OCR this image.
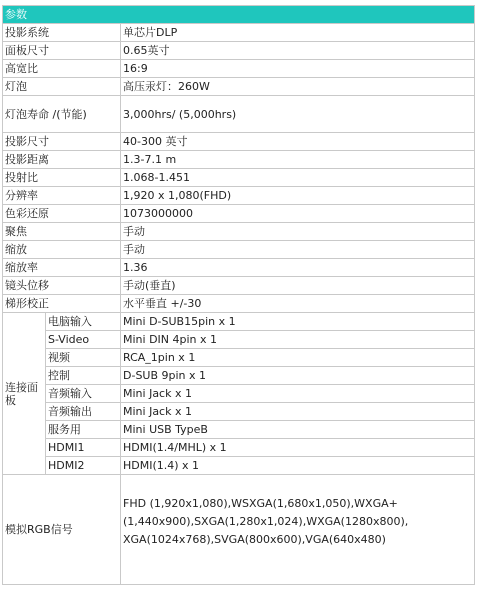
参数		
投影系统		单芯片DLP
面板尺寸		0.65英寸
高宽比		16:9
灯泡		高压汞灯：260W
灯泡寿命 /(节能)		3,000hrs/ (5,000hrs)
投影尺寸		40-300 英寸
投影距离		1.3-7.1 m
投射比		1.068-1.451
分辨率		1,920 x 1,080(FHD)
色彩还原		1073000000
聚焦		手动
缩放		手动
缩放率		1.36
镜头位移		手动(垂直)
梯形校正		水平垂直 +/-30
连接面板	电脑输入	Mini D-SUB15pin x 1
	S-Video	Mini DIN 4pin x 1
	视频	RCA_1pin x 1
	控制	D-SUB 9pin x 1
	音频输入	Mini Jack x 1
	音频输出	Mini Jack x 1
	服务用	Mini USB TypeB
	HDMI1	HDMI(1.4/MHL) x 1
	HDMI2	HDMI(1.4) x 1
模拟RGB信号		FHD (1,920x1,080),WSXGA(1,680x1,050),WXGA+
(1,440x900),SXGA(1,280x1,024),WXGA(1280x800),
XGA(1024x768),SVGA(800x600),VGA(640x480)
